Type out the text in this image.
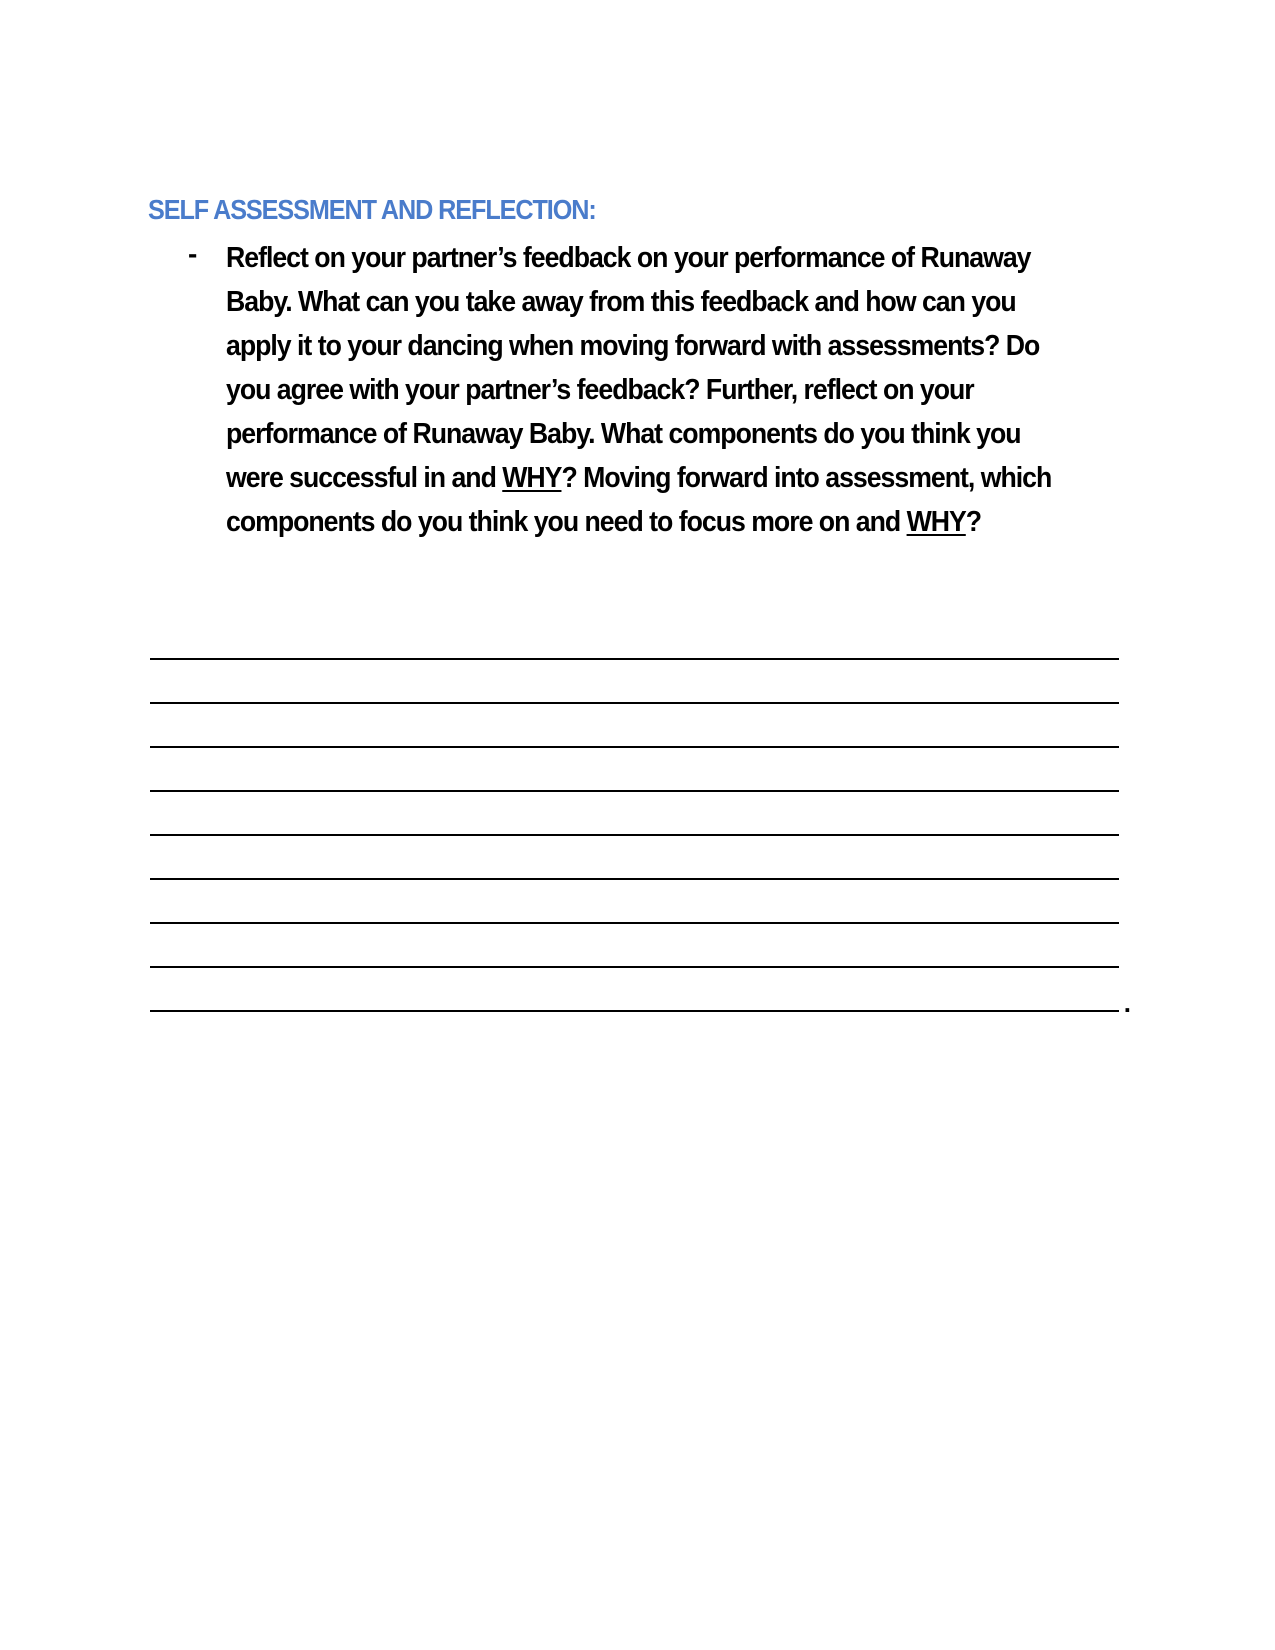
SELF ASSESSMENT AND REFLECTION:
- Reflect on your partner’s feedback on your performance of Runaway
Baby. What can you take away from this feedback and how can you
apply it to your dancing when moving forward with assessments? Do
you agree with your partner’s feedback? Further, reflect on your
performance of Runaway Baby. What components do you think you
were successful in and WHY? Moving forward into assessment, which
components do you think you need to focus more on and WHY?
.
